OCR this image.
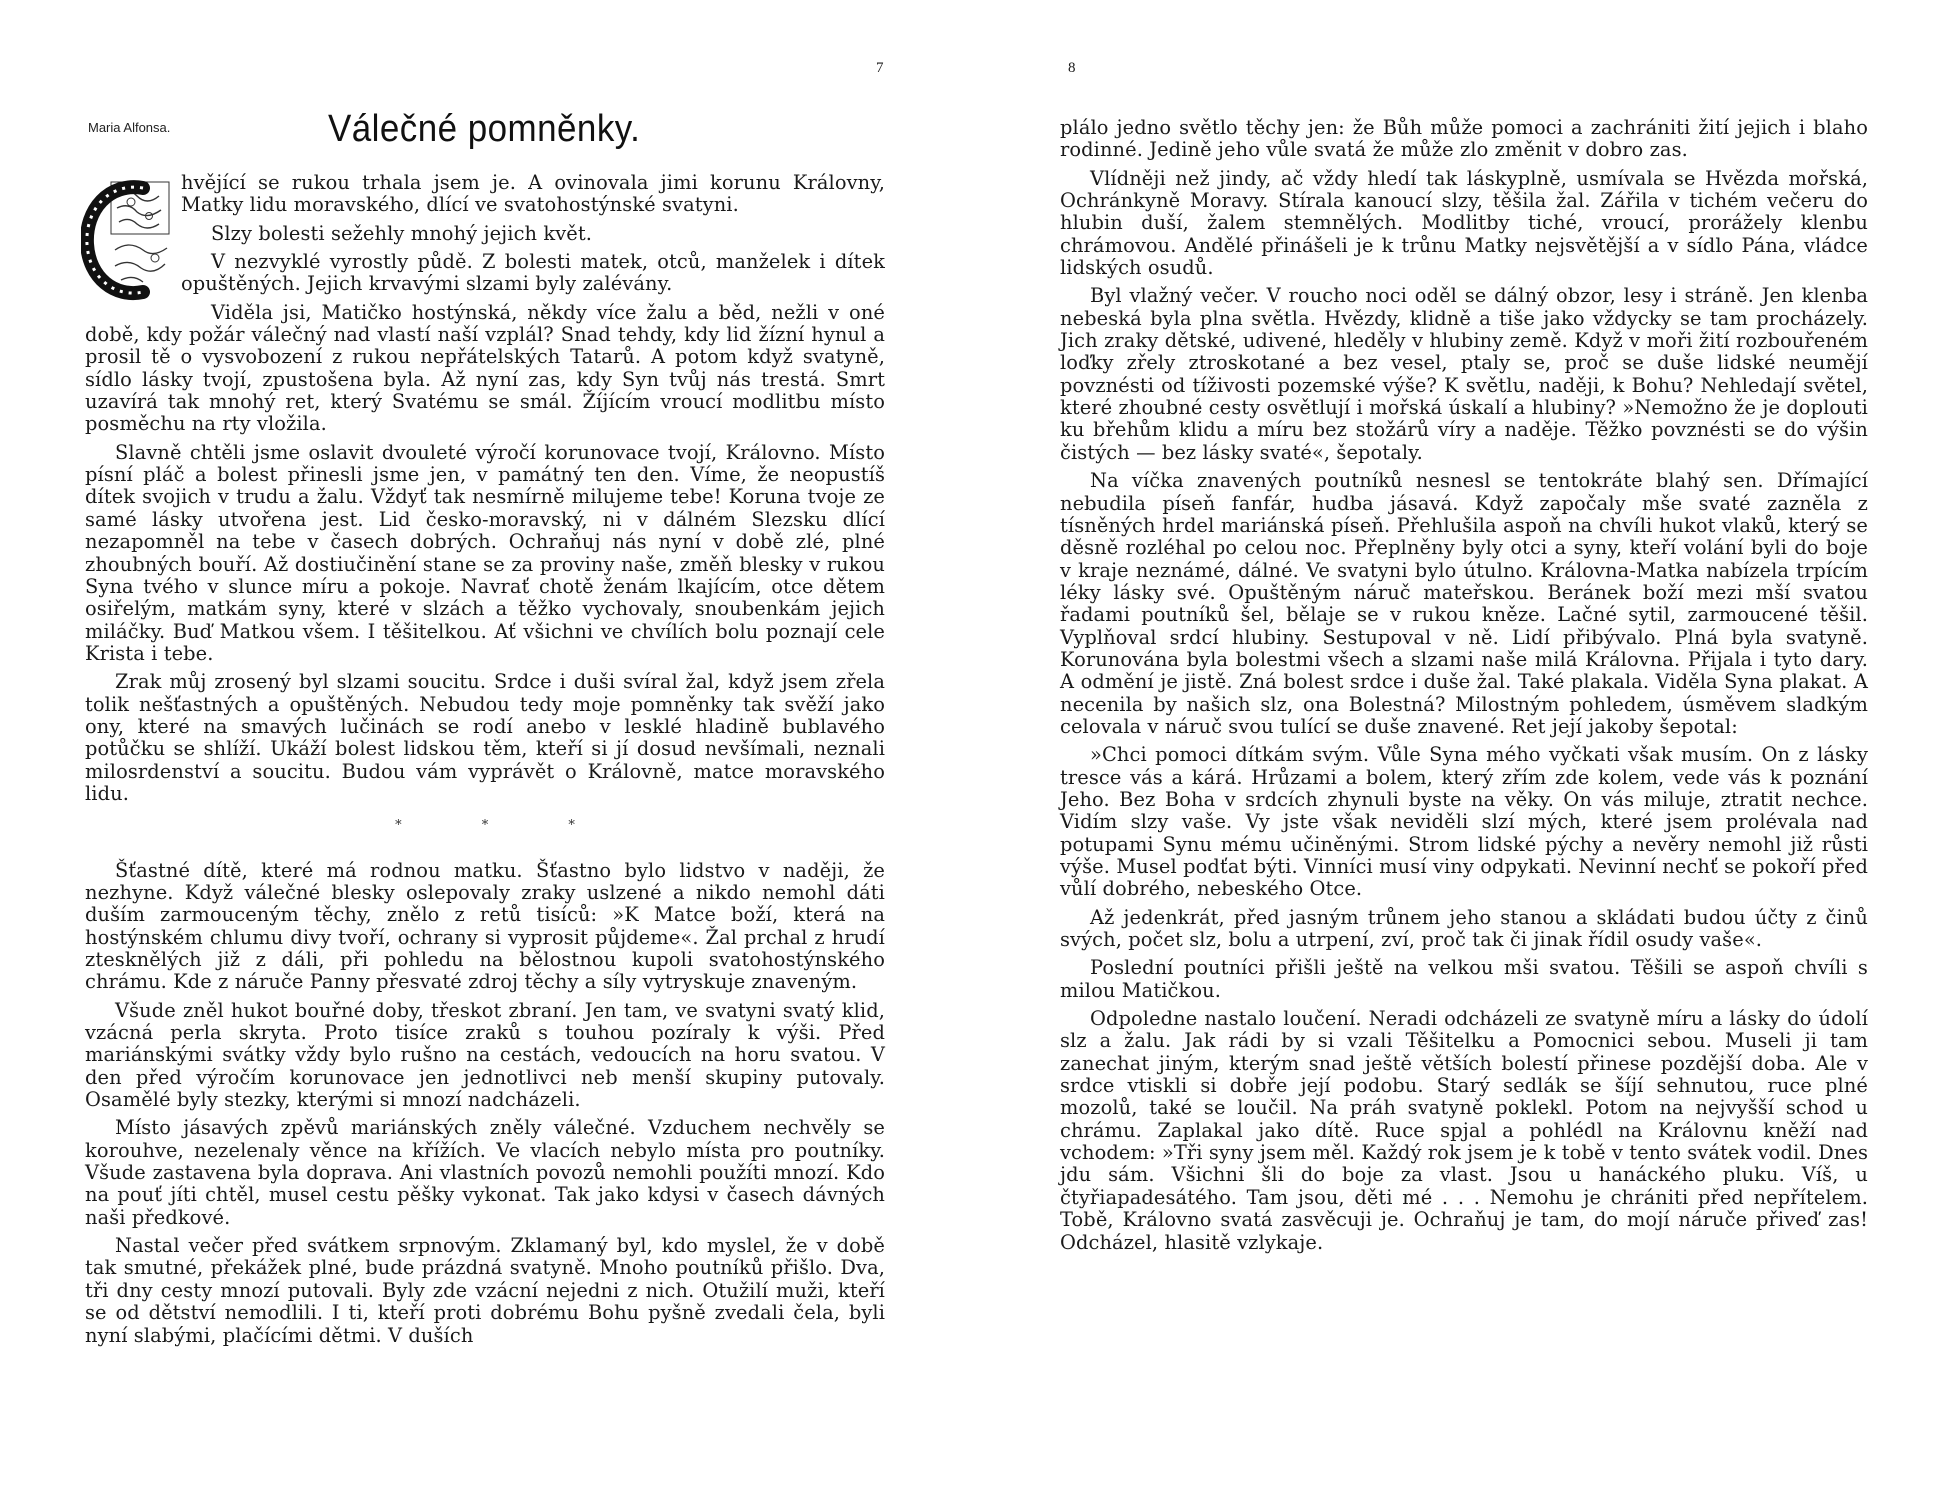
7
Maria Alfonsa.	Válečné pomněnky.

hvějící se rukou trhala jsem je. A ovinovala jimi korunu Královny, Matky lidu moravského, dlící ve svatohostýnské svatyni.

Slzy bolesti sežehly mnohý jejich květ.

V nezvyklé vyrostly půdě. Z bolesti matek, otců, manželek i dítek opuštěných. Jejich krvavými slzami byly zalévány.

Viděla jsi, Matičko hostýnská, někdy více žalu a běd, nežli v oné době, kdy požár válečný nad vlastí naší vzplál? Snad tehdy, kdy lid žízní hynul a prosil tě o vysvobození z rukou nepřátelských Tatarů. A potom když svatyně, sídlo lásky tvojí, zpustošena byla. Až nyní zas, kdy Syn tvůj nás trestá. Smrt uzavírá tak mnohý ret, který Svatému se smál. Žíjícím vroucí modlitbu místo posměchu na rty vložila.

Slavně chtěli jsme oslavit dvouleté výročí korunovace tvojí, Královno. Místo písní pláč a bolest přinesli jsme jen, v památný ten den. Víme, že neopustíš dítek svojich v trudu a žalu. Vždyť tak nesmírně milujeme tebe! Koruna tvoje ze samé lásky utvořena jest. Lid česko-moravský, ni v dálném Slezsku dlící nezapomněl na tebe v časech dobrých. Ochraňuj nás nyní v době zlé, plné zhoubných bouří. Až dostiučinění stane se za proviny naše, změň blesky v rukou Syna tvého v slunce míru a pokoje. Navrať chotě ženám lkajícím, otce dětem osiřelým, matkám syny, které v slzách a těžko vychovaly, snoubenkám jejich miláčky. Buď Matkou všem. I těšitelkou. Ať všichni ve chvílích bolu poznají cele Krista i tebe.

Zrak můj zrosený byl slzami soucitu. Srdce i duši svíral žal, když jsem zřela tolik nešťastných a opuštěných. Nebudou tedy moje pomněnky tak svěží jako ony, které na smavých lučinách se rodí anebo v lesklé hladině bublavého potůčku se shlíží. Ukáží bolest lidskou těm, kteří si jí dosud nevšímali, neznali milosrdenství a soucitu. Budou vám vyprávět o Královně, matce moravského lidu.

* * *

Šťastné dítě, které má rodnou matku. Šťastno bylo lidstvo v naději, že nezhyne. Když válečné blesky oslepovaly zraky uslzené a nikdo nemohl dáti duším zarmouceným těchy, znělo z retů tisíců: »K Matce boží, která na hostýnském chlumu divy tvoří, ochrany si vyprosit půjdeme«. Žal prchal z hrudí ztesknělých již z dáli, při pohledu na bělostnou kupoli svatohostýnského chrámu. Kde z náruče Panny přesvaté zdroj těchy a síly vytryskuje znaveným.

Všude zněl hukot bouřné doby, třeskot zbraní. Jen tam, ve svatyni svatý klid, vzácná perla skryta. Proto tisíce zraků s touhou pozíraly k výši. Před mariánskými svátky vždy bylo rušno na cestách, vedoucích na horu svatou. V den před výročím korunovace jen jednotlivci neb menší skupiny putovaly. Osamělé byly stezky, kterými si mnozí nadcházeli.

Místo jásavých zpěvů mariánských zněly válečné. Vzduchem nechvěly se korouhve, nezelenaly věnce na křížích. Ve vlacích nebylo místa pro poutníky. Všude zastavena byla doprava. Ani vlastních povozů nemohli použíti mnozí. Kdo na pouť jíti chtěl, musel cestu pěšky vykonat. Tak jako kdysi v časech dávných naši předkové.

Nastal večer před svátkem srpnovým. Zklamaný byl, kdo myslel, že v době tak smutné, překážek plné, bude prázdná svatyně. Mnoho poutníků přišlo. Dva, tři dny cesty mnozí putovali. Byly zde vzácní nejedni z nich. Otužilí muži, kteří se od dětství nemodlili. I ti, kteří proti dobrému Bohu pyšně zvedali čela, byli nyní slabými, plačícími dětmi. V duších

8

plálo jedno světlo těchy jen: že Bůh může pomoci a zachrániti žití jejich i blaho rodinné. Jedině jeho vůle svatá že může zlo změnit v dobro zas.

Vlídněji než jindy, ač vždy hledí tak láskyplně, usmívala se Hvězda mořská, Ochránkyně Moravy. Stírala kanoucí slzy, těšila žal. Zářila v tichém večeru do hlubin duší, žalem stemnělých. Modlitby tiché, vroucí, prorážely klenbu chrámovou. Andělé přinášeli je k trůnu Matky nejsvětější a v sídlo Pána, vládce lidských osudů.

Byl vlažný večer. V roucho noci oděl se dálný obzor, lesy i stráně. Jen klenba nebeská byla plna světla. Hvězdy, klidně a tiše jako vždycky se tam procházely. Jich zraky dětské, udivené, hleděly v hlubiny země. Když v moři žití rozbouřeném loďky zřely ztroskotané a bez vesel, ptaly se, proč se duše lidské neumějí povznésti od tíživosti pozemské výše? K světlu, naději, k Bohu? Nehledají světel, které zhoubné cesty osvětlují i mořská úskalí a hlubiny? »Nemožno že je doplouti ku břehům klidu a míru bez stožárů víry a naděje. Těžko povznésti se do výšin čistých — bez lásky svaté«, šepotaly.

Na víčka znavených poutníků nesnesl se tentokráte blahý sen. Dřímající nebudila píseň fanfár, hudba jásavá. Když započaly mše svaté zazněla z tísněných hrdel mariánská píseň. Přehlušila aspoň na chvíli hukot vlaků, který se děsně rozléhal po celou noc. Přeplněny byly otci a syny, kteří volání byli do boje v kraje neznámé, dálné. Ve svatyni bylo útulno. Královna-Matka nabízela trpícím léky lásky své. Opuštěným náruč mateřskou. Beránek boží mezi mší svatou řadami poutníků šel, bělaje se v rukou kněze. Lačné sytil, zarmoucené těšil. Vyplňoval srdcí hlubiny. Sestupoval v ně. Lidí přibývalo. Plná byla svatyně. Korunována byla bolestmi všech a slzami naše milá Královna. Přijala i tyto dary. A odmění je jistě. Zná bolest srdce i duše žal. Také plakala. Viděla Syna plakat. A necenila by našich slz, ona Bolestná? Milostným pohledem, úsměvem sladkým celovala v náruč svou tulící se duše znavené. Ret její jakoby šepotal:

»Chci pomoci dítkám svým. Vůle Syna mého vyčkati však musím. On z lásky tresce vás a kárá. Hrůzami a bolem, který zřím zde kolem, vede vás k poznání Jeho. Bez Boha v srdcích zhynuli byste na věky. On vás miluje, ztratit nechce. Vidím slzy vaše. Vy jste však neviděli slzí mých, které jsem prolévala nad potupami Synu mému učiněnými. Strom lidské pýchy a nevěry nemohl již růsti výše. Musel podťat býti. Vinníci musí viny odpykati. Nevinní nechť se pokoří před vůlí dobrého, nebeského Otce.

Až jedenkrát, před jasným trůnem jeho stanou a skládati budou účty z činů svých, počet slz, bolu a utrpení, zví, proč tak či jinak řídil osudy vaše«.

Poslední poutníci přišli ještě na velkou mši svatou. Těšili se aspoň chvíli s milou Matičkou.

Odpoledne nastalo loučení. Neradi odcházeli ze svatyně míru a lásky do údolí slz a žalu. Jak rádi by si vzali Těšitelku a Pomocnici sebou. Museli ji tam zanechat jiným, kterým snad ještě větších bolestí přinese pozdější doba. Ale v srdce vtiskli si dobře její podobu. Starý sedlák se šíjí sehnutou, ruce plné mozolů, také se loučil. Na práh svatyně poklekl. Potom na nejvyšší schod u chrámu. Zaplakal jako dítě. Ruce spjal a pohlédl na Královnu kněží nad vchodem: »Tři syny jsem měl. Každý rok jsem je k tobě v tento svátek vodil. Dnes jdu sám. Všichni šli do boje za vlast. Jsou u hanáckého pluku. Víš, u čtyřiapadesátého. Tam jsou, děti mé . . . Nemohu je chrániti před nepřítelem. Tobě, Královno svatá zasvěcuji je. Ochraňuj je tam, do mojí náruče přiveď zas! Odcházel, hlasitě vzlykaje.
